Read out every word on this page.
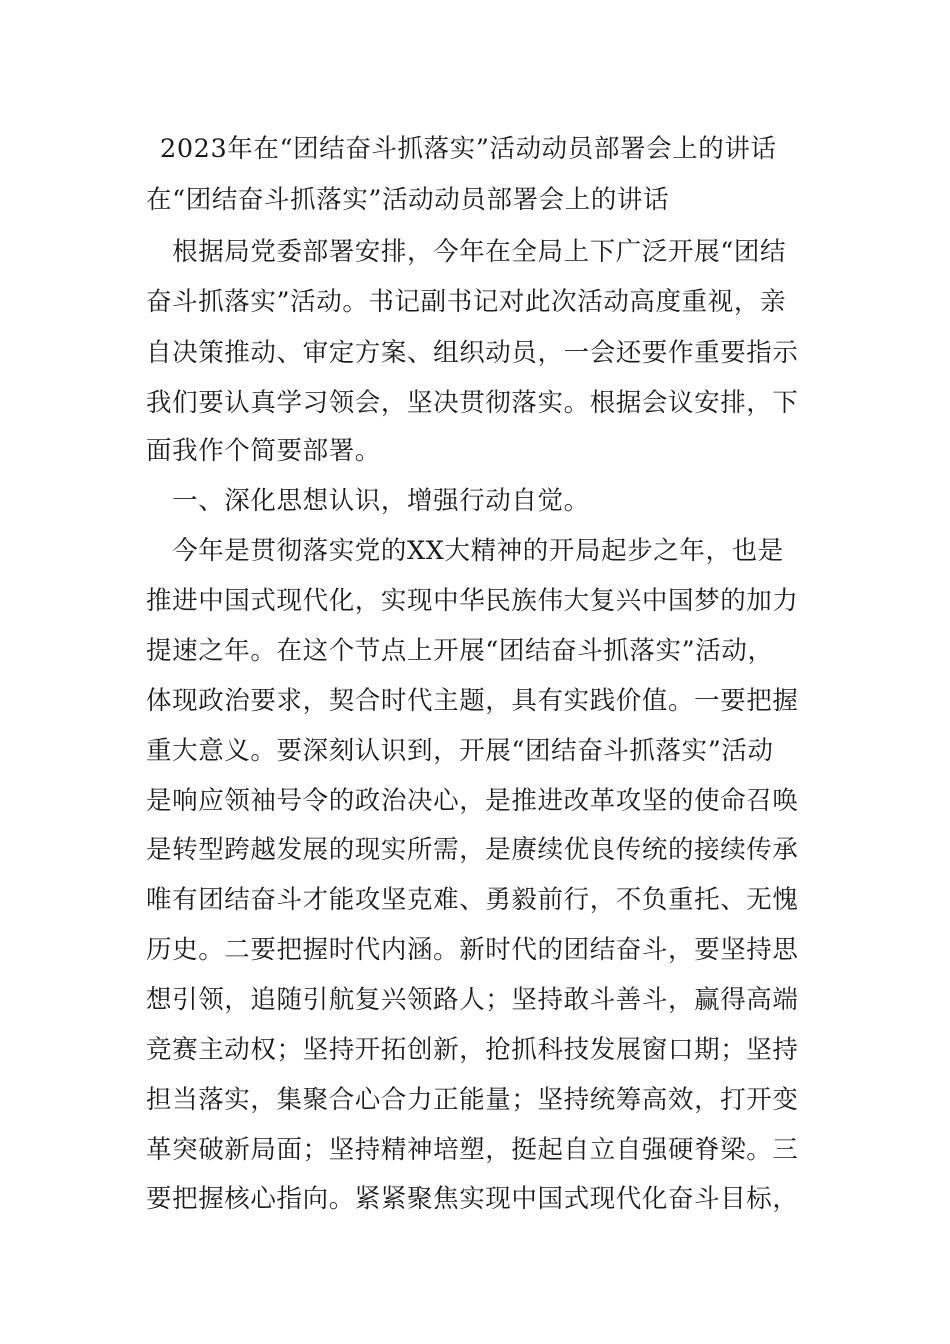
2023年在“团结奋斗抓落实”活动动员部署会上的讲话
在“团结奋斗抓落实”活动动员部署会上的讲话
　根据局党委部署安排，今年在全局上下广泛开展“团结
奋斗抓落实”活动。书记副书记对此次活动高度重视，亲
自决策推动、审定方案、组织动员，一会还要作重要指示
我们要认真学习领会，坚决贯彻落实。根据会议安排，下
面我作个简要部署。
　一、深化思想认识，增强行动自觉。
　今年是贯彻落实党的XX大精神的开局起步之年，也是
推进中国式现代化，实现中华民族伟大复兴中国梦的加力
提速之年。在这个节点上开展“团结奋斗抓落实”活动，
体现政治要求，契合时代主题，具有实践价值。一要把握
重大意义。要深刻认识到，开展“团结奋斗抓落实”活动
是响应领袖号令的政治决心，是推进改革攻坚的使命召唤
是转型跨越发展的现实所需，是赓续优良传统的接续传承
唯有团结奋斗才能攻坚克难、勇毅前行，不负重托、无愧
历史。二要把握时代内涵。新时代的团结奋斗，要坚持思
想引领，追随引航复兴领路人；坚持敢斗善斗，赢得高端
竞赛主动权；坚持开拓创新，抢抓科技发展窗口期；坚持
担当落实，集聚合心合力正能量；坚持统筹高效，打开变
革突破新局面；坚持精神培塑，挺起自立自强硬脊梁。三
要把握核心指向。紧紧聚焦实现中国式现代化奋斗目标，
